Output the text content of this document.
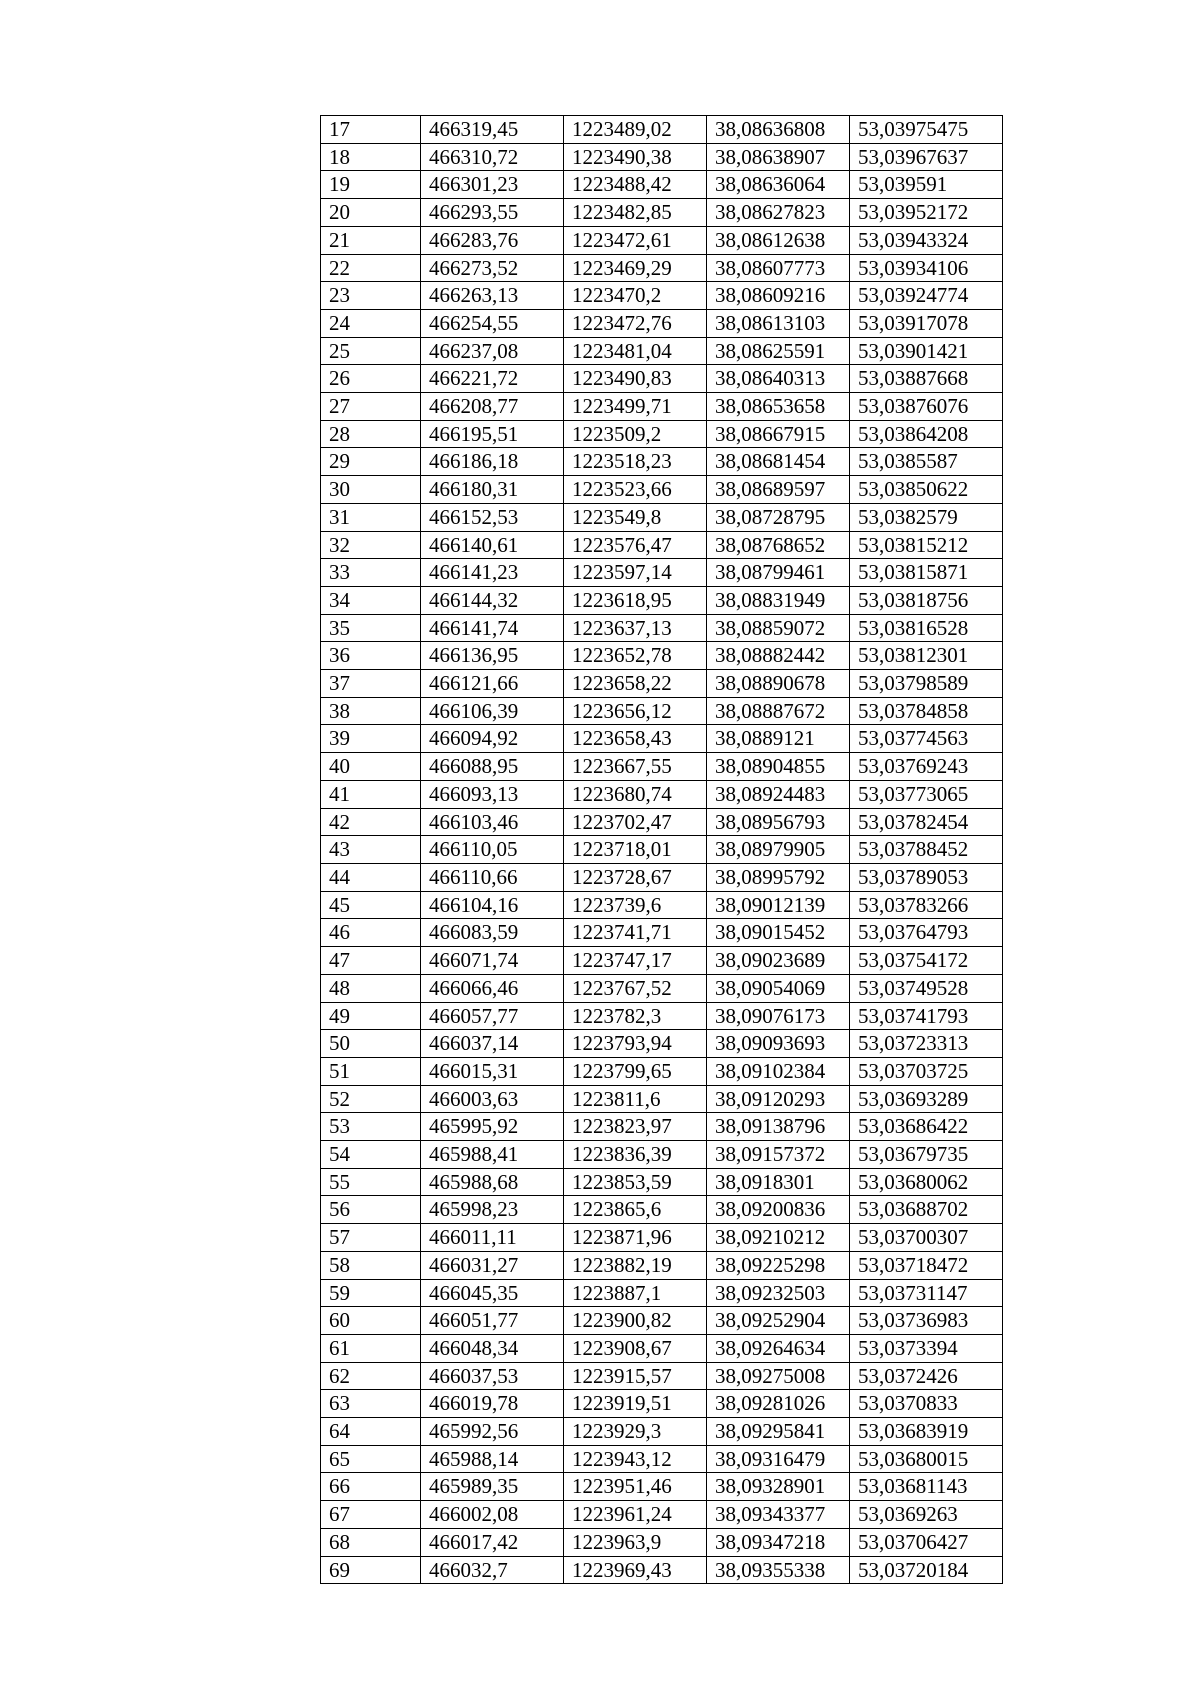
17	466319,45	1223489,02	38,08636808	53,03975475
18	466310,72	1223490,38	38,08638907	53,03967637
19	466301,23	1223488,42	38,08636064	53,039591
20	466293,55	1223482,85	38,08627823	53,03952172
21	466283,76	1223472,61	38,08612638	53,03943324
22	466273,52	1223469,29	38,08607773	53,03934106
23	466263,13	1223470,2	38,08609216	53,03924774
24	466254,55	1223472,76	38,08613103	53,03917078
25	466237,08	1223481,04	38,08625591	53,03901421
26	466221,72	1223490,83	38,08640313	53,03887668
27	466208,77	1223499,71	38,08653658	53,03876076
28	466195,51	1223509,2	38,08667915	53,03864208
29	466186,18	1223518,23	38,08681454	53,0385587
30	466180,31	1223523,66	38,08689597	53,03850622
31	466152,53	1223549,8	38,08728795	53,0382579
32	466140,61	1223576,47	38,08768652	53,03815212
33	466141,23	1223597,14	38,08799461	53,03815871
34	466144,32	1223618,95	38,08831949	53,03818756
35	466141,74	1223637,13	38,08859072	53,03816528
36	466136,95	1223652,78	38,08882442	53,03812301
37	466121,66	1223658,22	38,08890678	53,03798589
38	466106,39	1223656,12	38,08887672	53,03784858
39	466094,92	1223658,43	38,0889121	53,03774563
40	466088,95	1223667,55	38,08904855	53,03769243
41	466093,13	1223680,74	38,08924483	53,03773065
42	466103,46	1223702,47	38,08956793	53,03782454
43	466110,05	1223718,01	38,08979905	53,03788452
44	466110,66	1223728,67	38,08995792	53,03789053
45	466104,16	1223739,6	38,09012139	53,03783266
46	466083,59	1223741,71	38,09015452	53,03764793
47	466071,74	1223747,17	38,09023689	53,03754172
48	466066,46	1223767,52	38,09054069	53,03749528
49	466057,77	1223782,3	38,09076173	53,03741793
50	466037,14	1223793,94	38,09093693	53,03723313
51	466015,31	1223799,65	38,09102384	53,03703725
52	466003,63	1223811,6	38,09120293	53,03693289
53	465995,92	1223823,97	38,09138796	53,03686422
54	465988,41	1223836,39	38,09157372	53,03679735
55	465988,68	1223853,59	38,0918301	53,03680062
56	465998,23	1223865,6	38,09200836	53,03688702
57	466011,11	1223871,96	38,09210212	53,03700307
58	466031,27	1223882,19	38,09225298	53,03718472
59	466045,35	1223887,1	38,09232503	53,03731147
60	466051,77	1223900,82	38,09252904	53,03736983
61	466048,34	1223908,67	38,09264634	53,0373394
62	466037,53	1223915,57	38,09275008	53,0372426
63	466019,78	1223919,51	38,09281026	53,0370833
64	465992,56	1223929,3	38,09295841	53,03683919
65	465988,14	1223943,12	38,09316479	53,03680015
66	465989,35	1223951,46	38,09328901	53,03681143
67	466002,08	1223961,24	38,09343377	53,0369263
68	466017,42	1223963,9	38,09347218	53,03706427
69	466032,7	1223969,43	38,09355338	53,03720184
